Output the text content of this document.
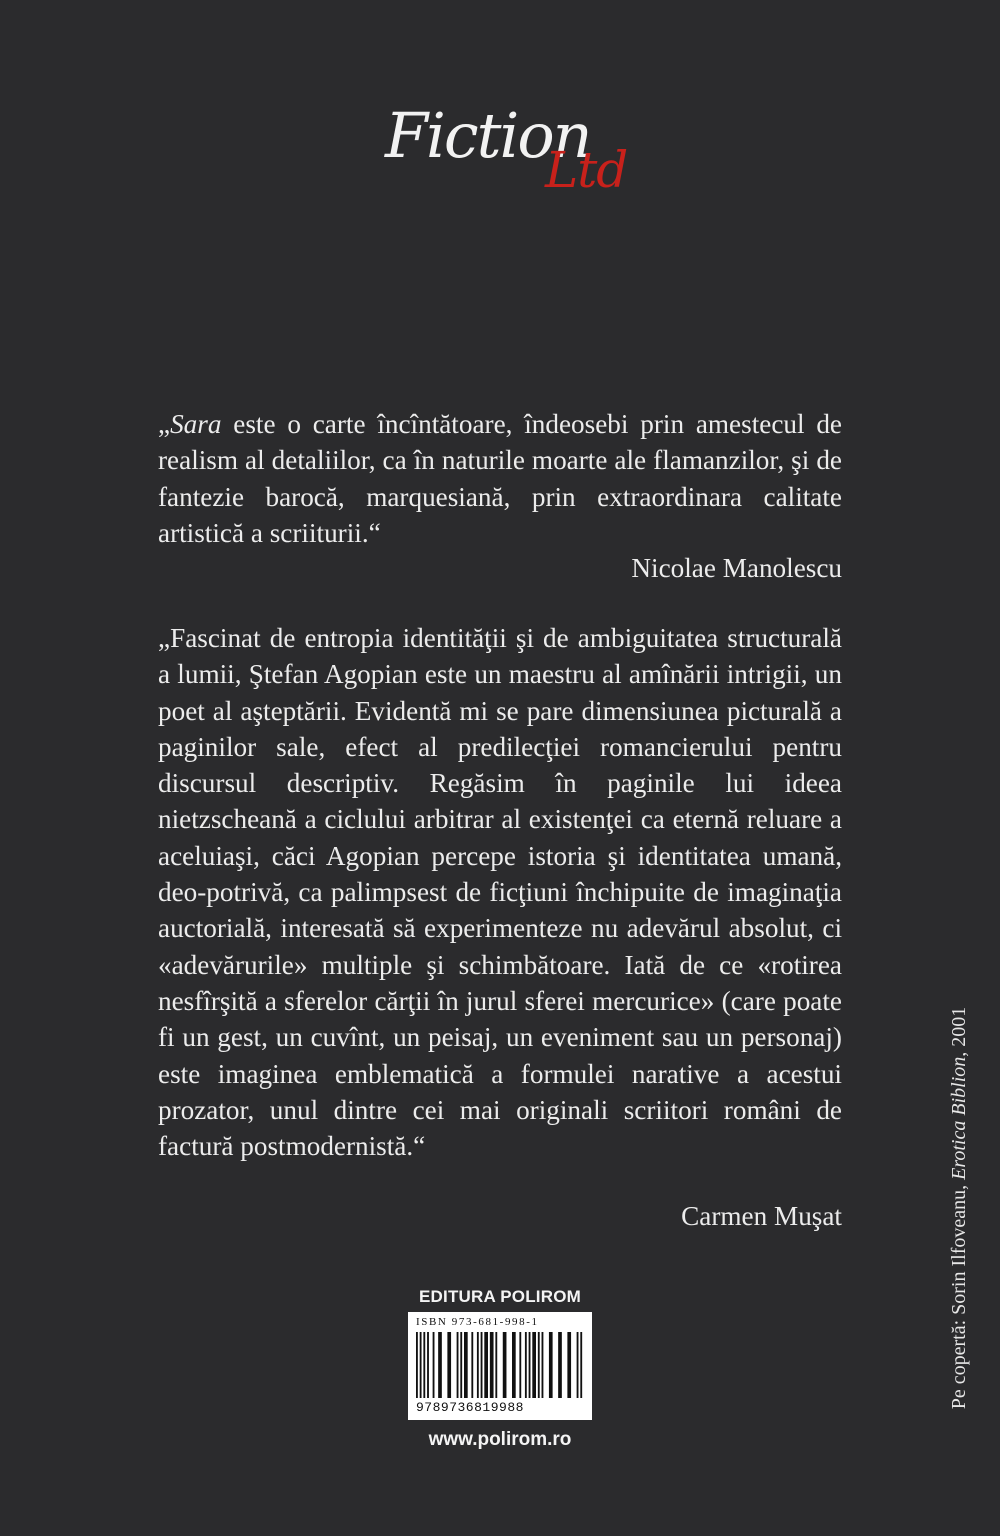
Fiction
Ltd

„Sara este o carte încîntătoare, îndeosebi prin amestecul de realism al detaliilor, ca în naturile moarte ale flamanzilor, şi de fantezie barocă, marquesiană, prin extraordinara calitate artistică a scriiturii.“

Nicolae Manolescu

„Fascinat de entropia identităţii şi de ambiguitatea structurală a lumii, Ştefan Agopian este un maestru al amînării intrigii, un poet al aşteptării. Evidentă mi se pare dimensiunea picturală a paginilor sale, efect al predilecţiei romancierului pentru discursul descriptiv. Regăsim în paginile lui ideea nietzscheană a ciclului arbitrar al existenţei ca eternă reluare a aceluiaşi, căci Agopian percepe istoria şi identitatea umană, deo-potrivă, ca palimpsest de ficţiuni închipuite de imaginaţia auctorială, interesată să experimenteze nu adevărul absolut, ci «adevărurile» multiple şi schimbătoare. Iată de ce «rotirea nesfîrşită a sferelor cărţii în jurul sferei mercurice» (care poate fi un gest, un cuvînt, un peisaj, un eveniment sau un personaj) este imaginea emblematică a formulei narative a acestui prozator, unul dintre cei mai originali scriitori români de factură postmodernistă.“

Carmen Muşat
EDITURA POLIROM
ISBN 973-681-998-1
9789736819988
www.polirom.ro
Pe copertă: Sorin Ilfoveanu, Erotica Biblion, 2001
